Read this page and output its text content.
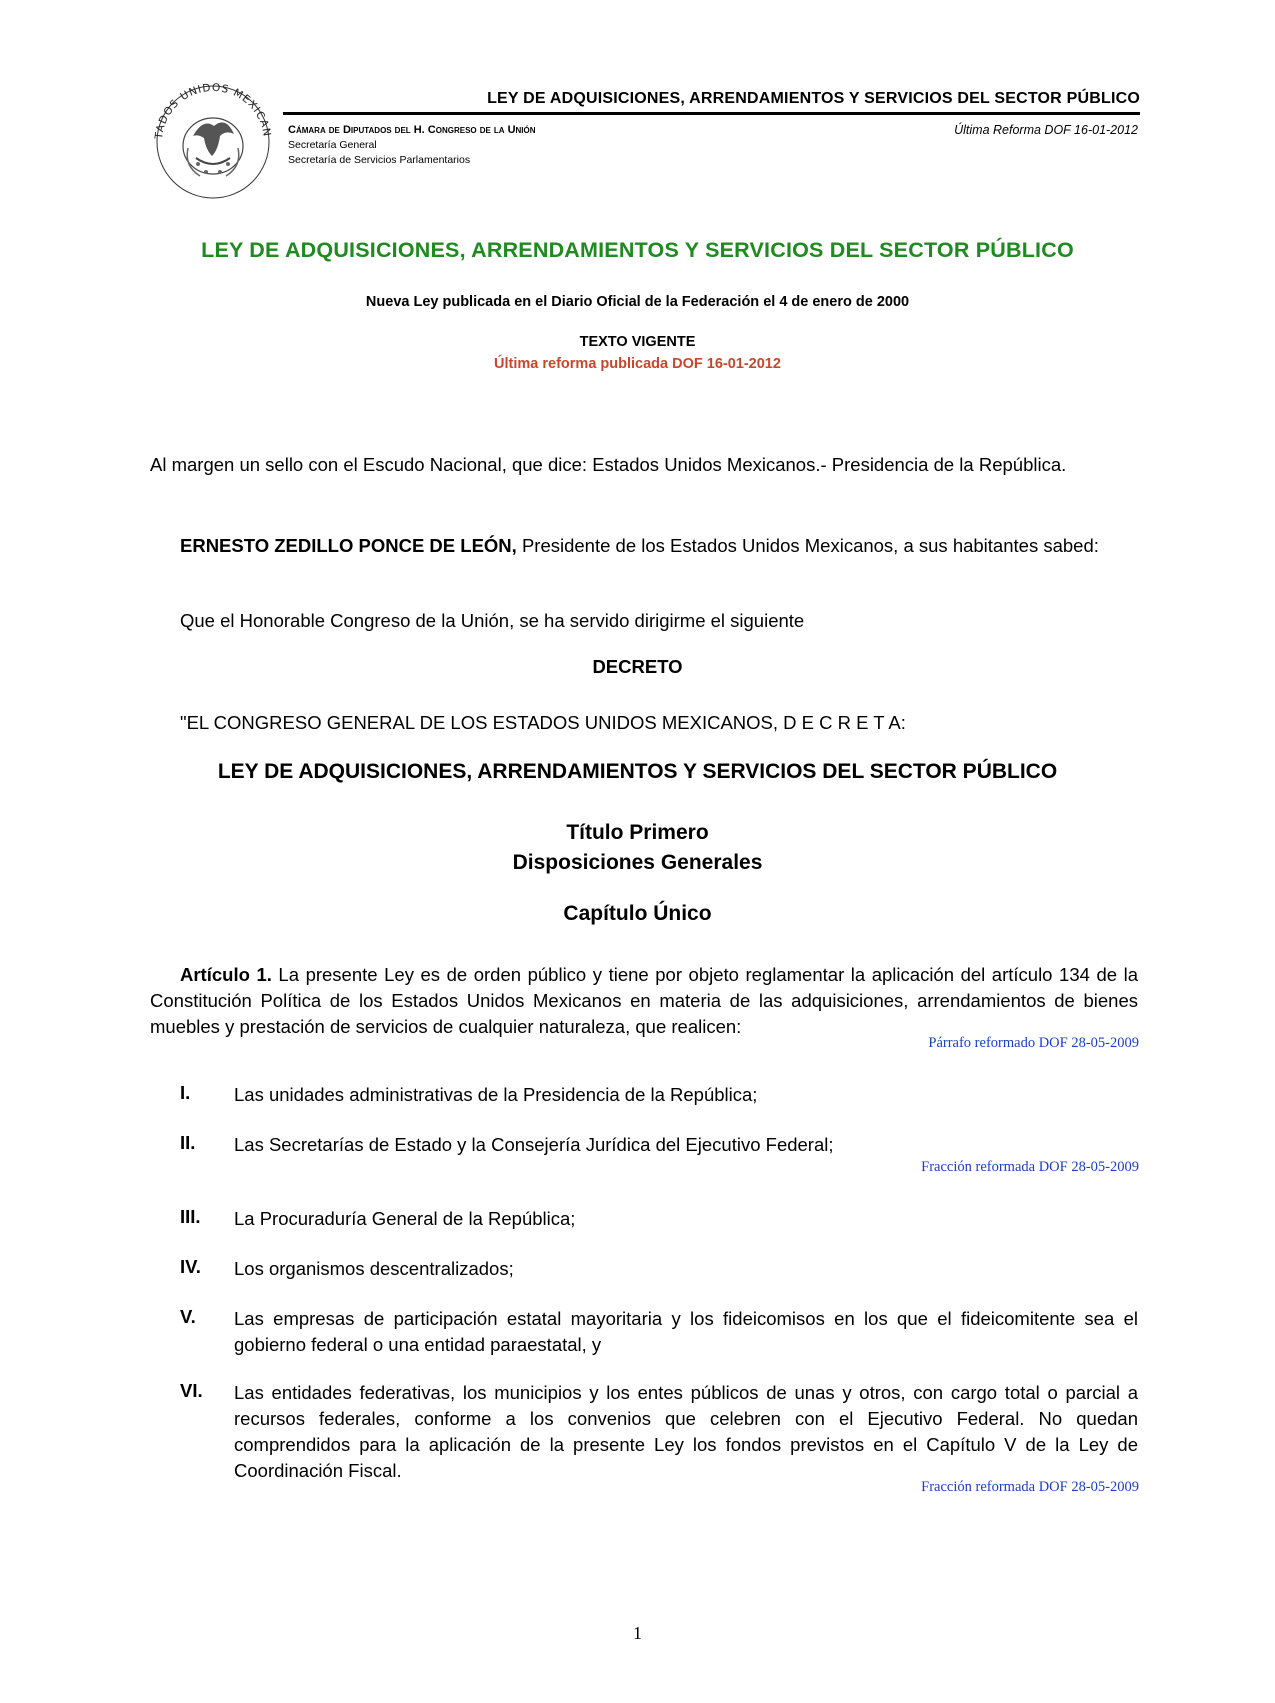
TADOS UNIDOS MEXICAN
LEY DE ADQUISICIONES, ARRENDAMIENTOS Y SERVICIOS DEL SECTOR PÚBLICO
Cámara de Diputados del H. Congreso de la Unión
Secretaría General
Secretaría de Servicios Parlamentarios
Última Reforma DOF 16-01-2012
LEY DE ADQUISICIONES, ARRENDAMIENTOS Y SERVICIOS DEL SECTOR PÚBLICO
Nueva Ley publicada en el Diario Oficial de la Federación el 4 de enero de 2000
TEXTO VIGENTE
Última reforma publicada DOF 16-01-2012
Al margen un sello con el Escudo Nacional, que dice: Estados Unidos Mexicanos.- Presidencia de la República.
ERNESTO ZEDILLO PONCE DE LEÓN, Presidente de los Estados Unidos Mexicanos, a sus habitantes sabed:
Que el Honorable Congreso de la Unión, se ha servido dirigirme el siguiente
DECRETO
"EL CONGRESO GENERAL DE LOS ESTADOS UNIDOS MEXICANOS, D E C R E T A:
LEY DE ADQUISICIONES, ARRENDAMIENTOS Y SERVICIOS DEL SECTOR PÚBLICO
Título Primero
Disposiciones Generales
Capítulo Único
Artículo 1. La presente Ley es de orden público y tiene por objeto reglamentar la aplicación del artículo 134 de la Constitución Política de los Estados Unidos Mexicanos en materia de las adquisiciones, arrendamientos de bienes muebles y prestación de servicios de cualquier naturaleza, que realicen:
Párrafo reformado DOF 28-05-2009
I. Las unidades administrativas de la Presidencia de la República;
II. Las Secretarías de Estado y la Consejería Jurídica del Ejecutivo Federal;
Fracción reformada DOF 28-05-2009
III. La Procuraduría General de la República;
IV. Los organismos descentralizados;
V. Las empresas de participación estatal mayoritaria y los fideicomisos en los que el fideicomitente sea el gobierno federal o una entidad paraestatal, y
VI. Las entidades federativas, los municipios y los entes públicos de unas y otros, con cargo total o parcial a recursos federales, conforme a los convenios que celebren con el Ejecutivo Federal. No quedan comprendidos para la aplicación de la presente Ley los fondos previstos en el Capítulo V de la Ley de Coordinación Fiscal.
Fracción reformada DOF 28-05-2009
1
